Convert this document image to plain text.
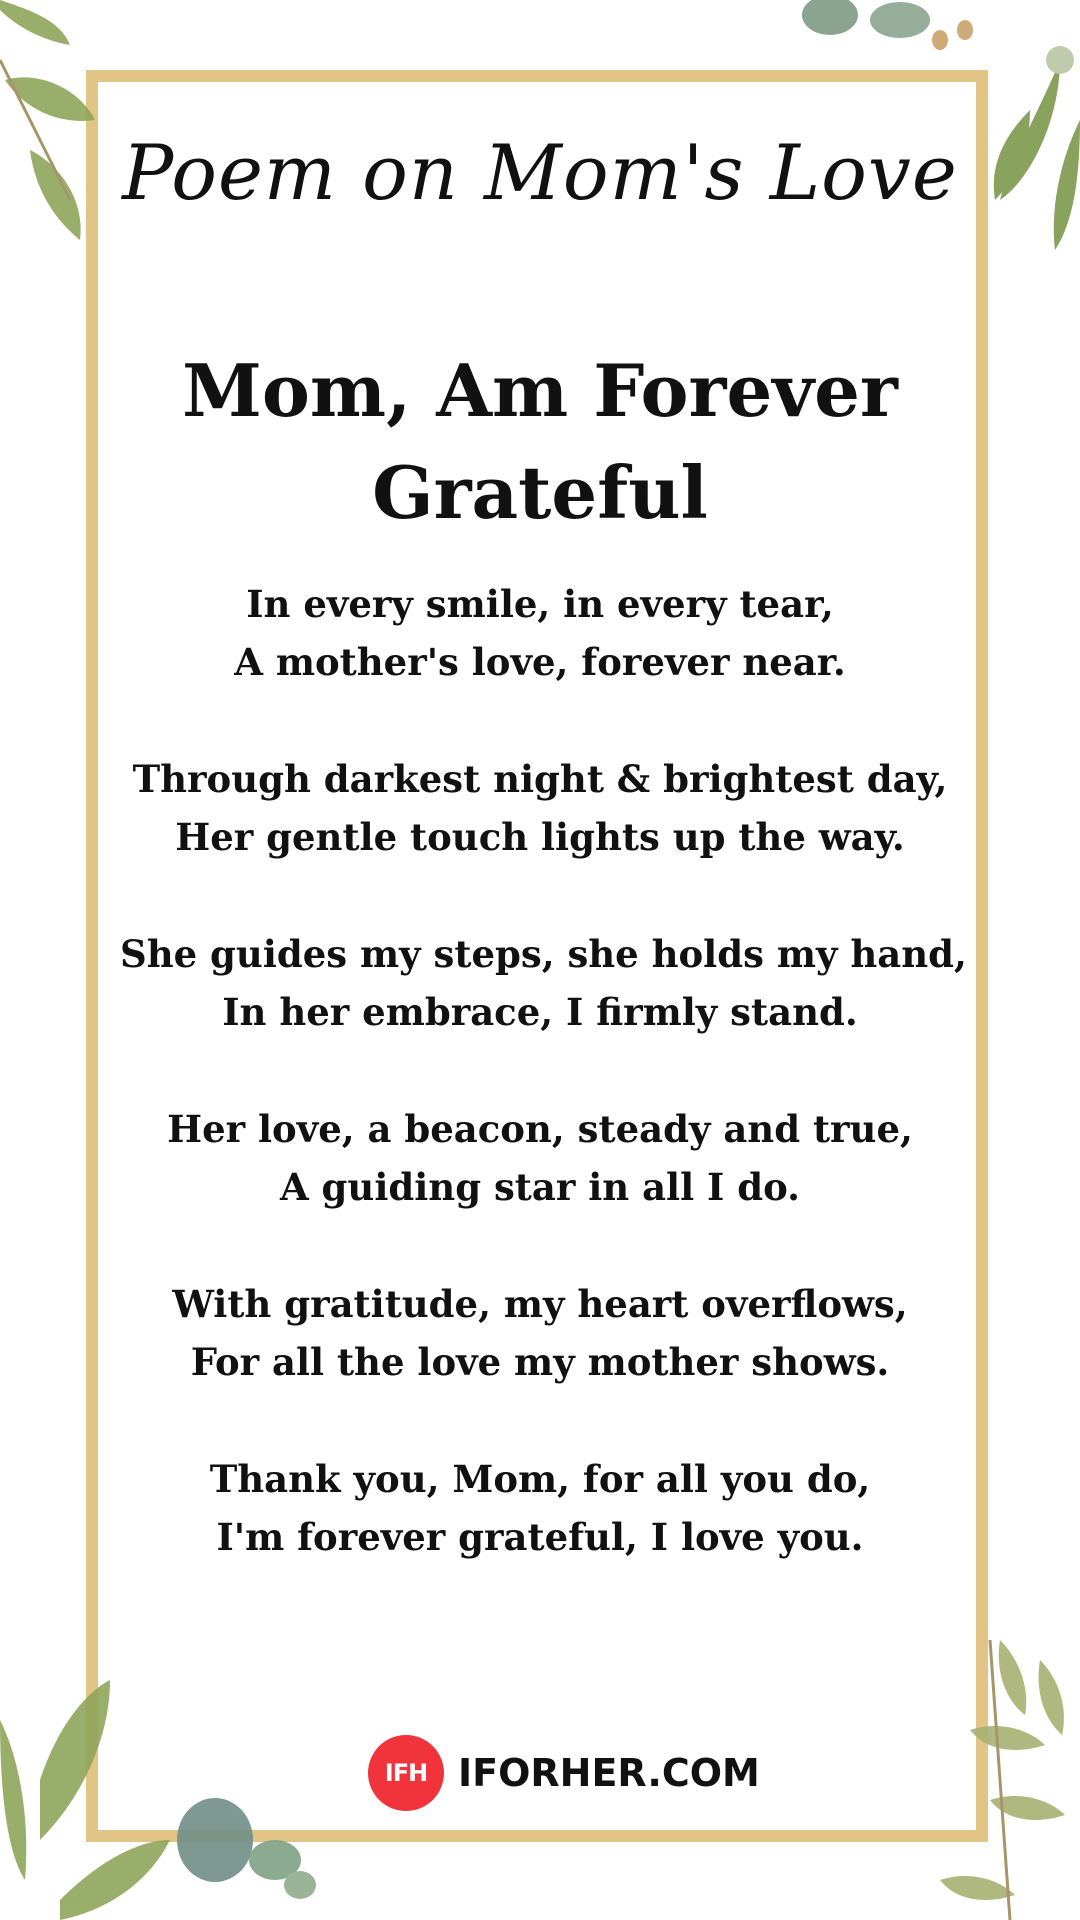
Poem on Mom's Love
Mom, Am Forever Grateful
In every smile, in every tear,
A mother's love, forever near.
Through darkest night & brightest day,
Her gentle touch lights up the way.
She guides my steps, she holds my hand,
In her embrace, I firmly stand.
Her love, a beacon, steady and true,
A guiding star in all I do.
With gratitude, my heart overflows,
For all the love my mother shows.
Thank you, Mom, for all you do,
I'm forever grateful, I love you.
IFH IFORHER.COM
